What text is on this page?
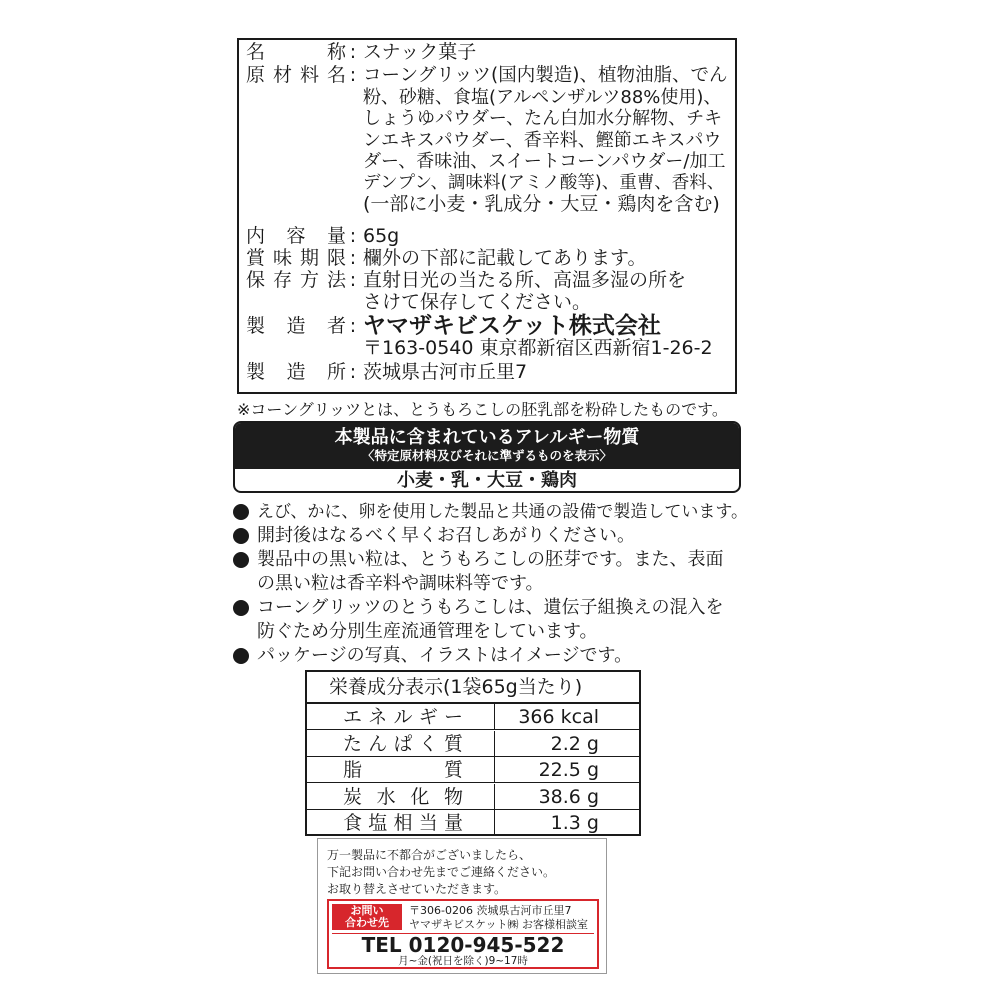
名	称 : スナック菓子
原 材 料 名 : コーングリッツ(国内製造)、植物油脂、でん
粉、砂糖、食塩(アルペンザルツ88%使用)、
しょうゆパウダー、たん白加水分解物、チキ
ンエキスパウダー、香辛料、鰹節エキスパウ
ダー、香味油、スイートコーンパウダー/加工
デンプン、調味料(アミノ酸等)、重曹、香料、
(一部に小麦・乳成分・大豆・鶏肉を含む)
内 容 量 : 65g
賞 味 期 限 : 欄外の下部に記載してあります。
保 存 方 法 : 直射日光の当たる所、高温多湿の所を
さけて保存してください。
製 造 者 : ヤマザキビスケット株式会社
〒163-0540 東京都新宿区西新宿1-26-2
製 造 所 : 茨城県古河市丘里7
※コーングリッツとは、とうもろこしの胚乳部を粉砕したものです。
本製品に含まれているアレルギー物質
〈特定原材料及びそれに準ずるものを表示〉
小麦・乳・大豆・鶏肉
えび、かに、卵を使用した製品と共通の設備で製造しています。
開封後はなるべく早くお召しあがりください。
製品中の黒い粒は、とうもろこしの胚芽です。また、表面
の黒い粒は香辛料や調味料等です。
コーングリッツのとうもろこしは、遺伝子組換えの混入を
防ぐため分別生産流通管理をしています。
パッケージの写真、イラストはイメージです。
栄養成分表示(1袋65g当たり)
エ ネ ル ギ ー	366 kcal
た ん ぱ く 質	2.2 g
脂	質	22.5 g
炭 水 化 物	38.6 g
食 塩 相 当 量	1.3 g
万一製品に不都合がございましたら、
下記お問い合わせ先までご連絡ください。
お取り替えさせていただきます。
お問い
合わせ先
〒306-0206 茨城県古河市丘里7
ヤマザキビスケット㈱ お客様相談室
TEL 0120-945-522
月~金(祝日を除く)9~17時
